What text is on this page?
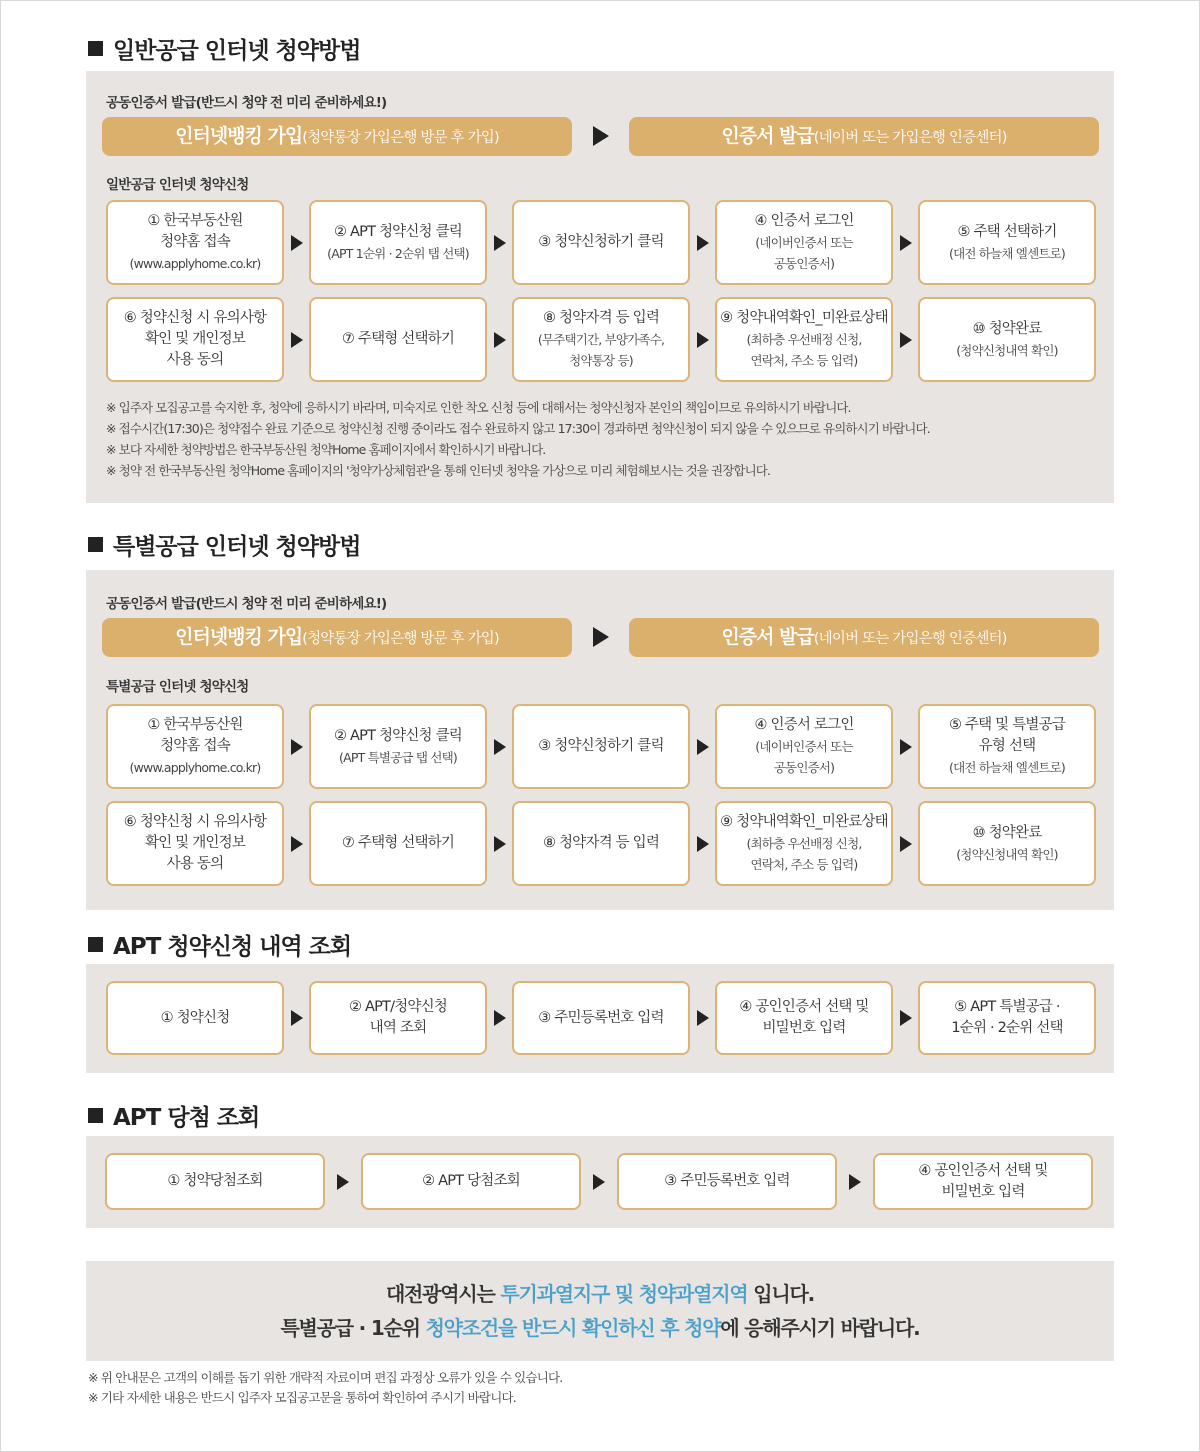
일반공급 인터넷 청약방법
공동인증서 발급(반드시 청약 전 미리 준비하세요!)
인터넷뱅킹 가입(청약통장 가입은행 방문 후 가입)	인증서 발급(네이버 또는 가입은행 인증센터)
일반공급 인터넷 청약신청

※ 입주자 모집공고를 숙지한 후, 청약에 응하시기 바라며, 미숙지로 인한 착오 신청 등에 대해서는 청약신청자 본인의 책임이므로 유의하시기 바랍니다.

※ 접수시간(17:30)은 청약접수 완료 기준으로 청약신청 진행 중이라도 접수 완료하지 않고 17:30이 경과하면 청약신청이 되지 않을 수 있으므로 유의하시기 바랍니다.

※ 보다 자세한 청약방법은 한국부동산원 청약Home 홈페이지에서 확인하시기 바랍니다.

※ 청약 전 한국부동산원 청약Home 홈페이지의 '청약가상체험관'을 통해 인터넷 청약을 가상으로 미리 체험해보시는 것을 권장합니다.

① 한국부동산원
청약홈 접속
(www.applyhome.co.kr)
② APT 청약신청 클릭
(APT 1순위 · 2순위 탭 선택)
③ 청약신청하기 클릭
④ 인증서 로그인
(네이버인증서 또는
공동인증서)
⑤ 주택 선택하기
(대전 하늘채 엘센트로)
⑥ 청약신청 시 유의사항
확인 및 개인정보
사용 동의
⑦ 주택형 선택하기
⑧ 청약자격 등 입력
(무주택기간, 부양가족수,
청약통장 등)
⑨ 청약내역확인_미완료상태
(최하층 우선배정 신청,
연락처, 주소 등 입력)
⑩ 청약완료
(청약신청내역 확인)
특별공급 인터넷 청약방법
공동인증서 발급(반드시 청약 전 미리 준비하세요!)
인터넷뱅킹 가입(청약통장 가입은행 방문 후 가입)	인증서 발급(네이버 또는 가입은행 인증센터)
특별공급 인터넷 청약신청
① 한국부동산원
청약홈 접속
(www.applyhome.co.kr)
② APT 청약신청 클릭
(APT 특별공급 탭 선택)
③ 청약신청하기 클릭
④ 인증서 로그인
(네이버인증서 또는
공동인증서)
⑤ 주택 및 특별공급
유형 선택
(대전 하늘채 엘센트로)
⑥ 청약신청 시 유의사항
확인 및 개인정보
사용 동의
⑦ 주택형 선택하기	⑧ 청약자격 등 입력
⑨ 청약내역확인_미완료상태
(최하층 우선배정 신청,
연락처, 주소 등 입력)
⑩ 청약완료
(청약신청내역 확인)
APT 청약신청 내역 조회
① 청약신청
② APT/청약신청
내역 조회
③ 주민등록번호 입력
④ 공인인증서 선택 및
비밀번호 입력
⑤ APT 특별공급 ·
1순위 · 2순위 선택
APT 당첨 조회
① 청약당첨조회	② APT 당첨조회	③ 주민등록번호 입력
④ 공인인증서 선택 및
비밀번호 입력

대전광역시는 투기과열지구 및 청약과열지역 입니다.

특별공급 · 1순위 청약조건을 반드시 확인하신 후 청약에 응해주시기 바랍니다.

※ 위 안내문은 고객의 이해를 돕기 위한 개략적 자료이며 편집 과정상 오류가 있을 수 있습니다.

※ 기타 자세한 내용은 반드시 입주자 모집공고문을 통하여 확인하여 주시기 바랍니다.
